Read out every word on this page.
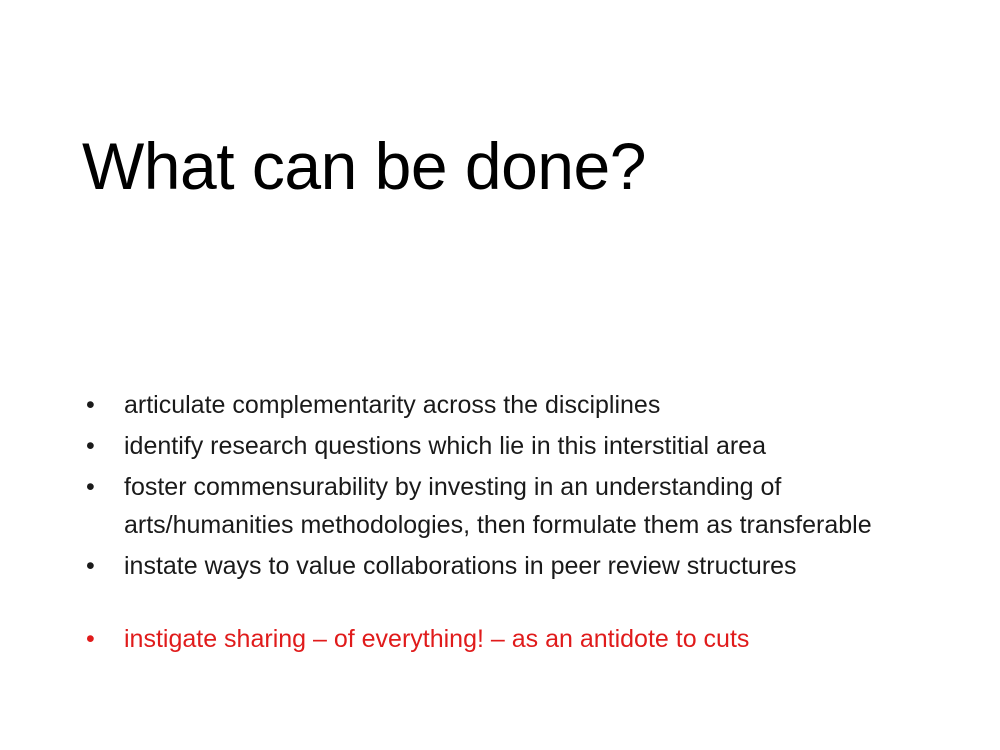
What can be done?
•	articulate complementarity across the disciplines
•	identify research questions which lie in this interstitial area
•	foster commensurability by investing in an understanding of arts/humanities methodologies, then formulate them as transferable
•	instate ways to value collaborations in peer review structures
•	instigate sharing – of everything! – as an antidote to cuts
